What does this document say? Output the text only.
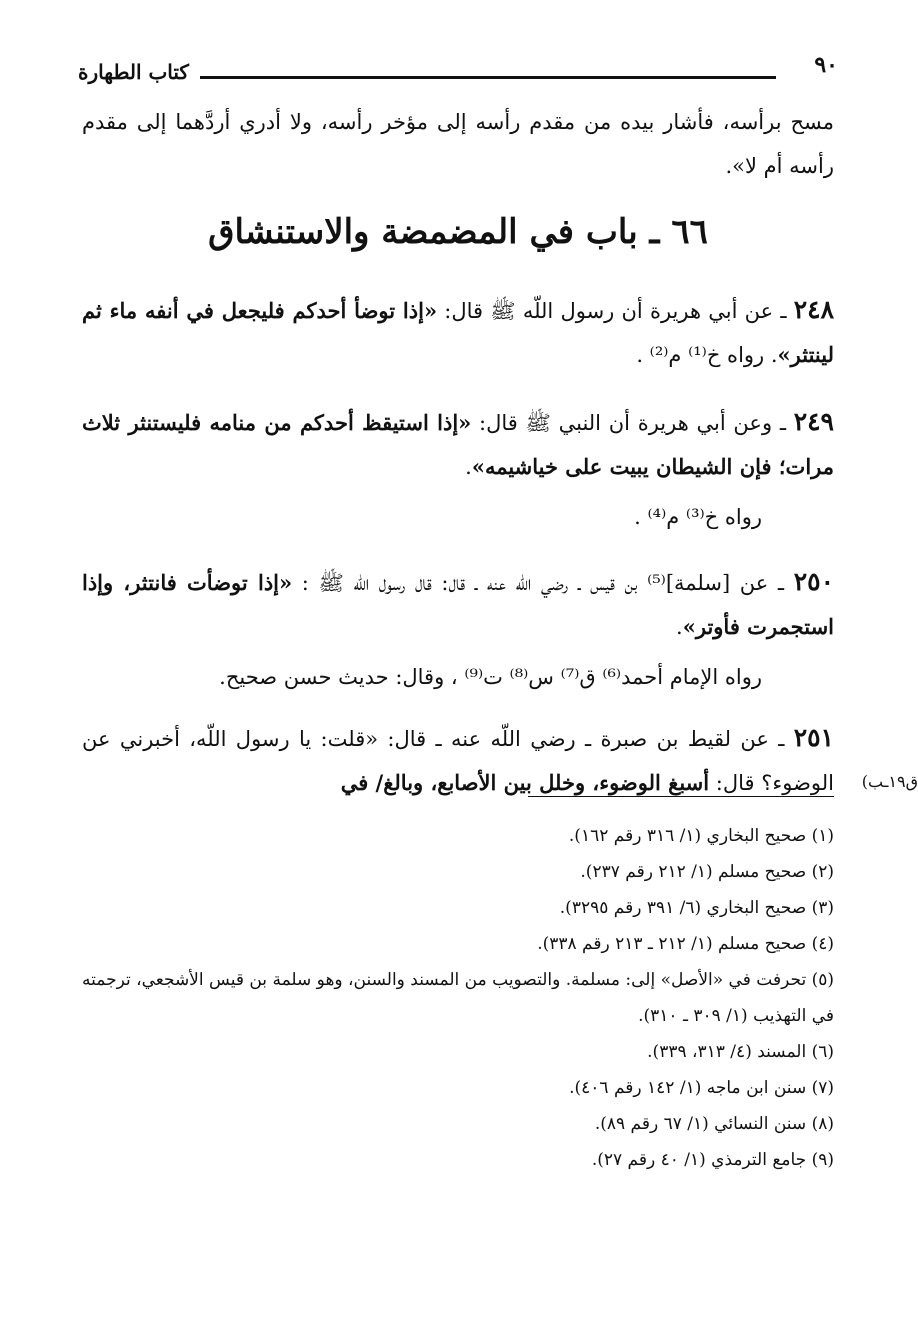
٩٠
كتاب الطهارة
مسح برأسه، فأشار بيده من مقدم رأسه إلى مؤخر رأسه، ولا أدري أردَّهما إلى مقدم رأسه أم لا».
٦٦ ـ باب في المضمضة والاستنشاق
٢٤٨ ـ عن أبي هريرة أن رسول اللّه ﷺ قال: «إذا توضأ أحدكم فليجعل في أنفه ماء ثم لينتثر». رواه خ⁽¹⁾ م⁽²⁾ .
٢٤٩ ـ وعن أبي هريرة أن النبي ﷺ قال: «إذا استيقظ أحدكم من منامه فليستنثر ثلاث مرات؛ فإن الشيطان يبيت على خياشيمه».
رواه خ⁽³⁾ م⁽⁴⁾ .
٢٥٠ ـ عن [سلمة]⁽⁵⁾ بن قيس ـ رضي اللّه عنه ـ قال: قال رسول اللّه ﷺ : «إذا توضأت فانتثر، وإذا استجمرت فأوتر».
رواه الإمام أحمد⁽⁶⁾ ق⁽⁷⁾ س⁽⁸⁾ ت⁽⁹⁾ ، وقال: حديث حسن صحيح.
٢٥١ ـ عن لقيط بن صبرة ـ رضي اللّه عنه ـ قال: «قلت: يا رسول اللّه، أخبرني عن الوضوء؟ قال: أسبغ الوضوء، وخلل بين الأصابع، وبالغ/ في	ق١٩ـب)
(١) صحيح البخاري (١/ ٣١٦ رقم ١٦٢).
(٢) صحيح مسلم (١/ ٢١٢ رقم ٢٣٧).
(٣) صحيح البخاري (٦/ ٣٩١ رقم ٣٢٩٥).
(٤) صحيح مسلم (١/ ٢١٢ ـ ٢١٣ رقم ٣٣٨).
(٥) تحرفت في «الأصل» إلى: مسلمة. والتصويب من المسند والسنن، وهو سلمة بن قيس الأشجعي، ترجمته في التهذيب (١/ ٣٠٩ ـ ٣١٠).
(٦) المسند (٤/ ٣١٣، ٣٣٩).
(٧) سنن ابن ماجه (١/ ١٤٢ رقم ٤٠٦).
(٨) سنن النسائي (١/ ٦٧ رقم ٨٩).
(٩) جامع الترمذي (١/ ٤٠ رقم ٢٧).
